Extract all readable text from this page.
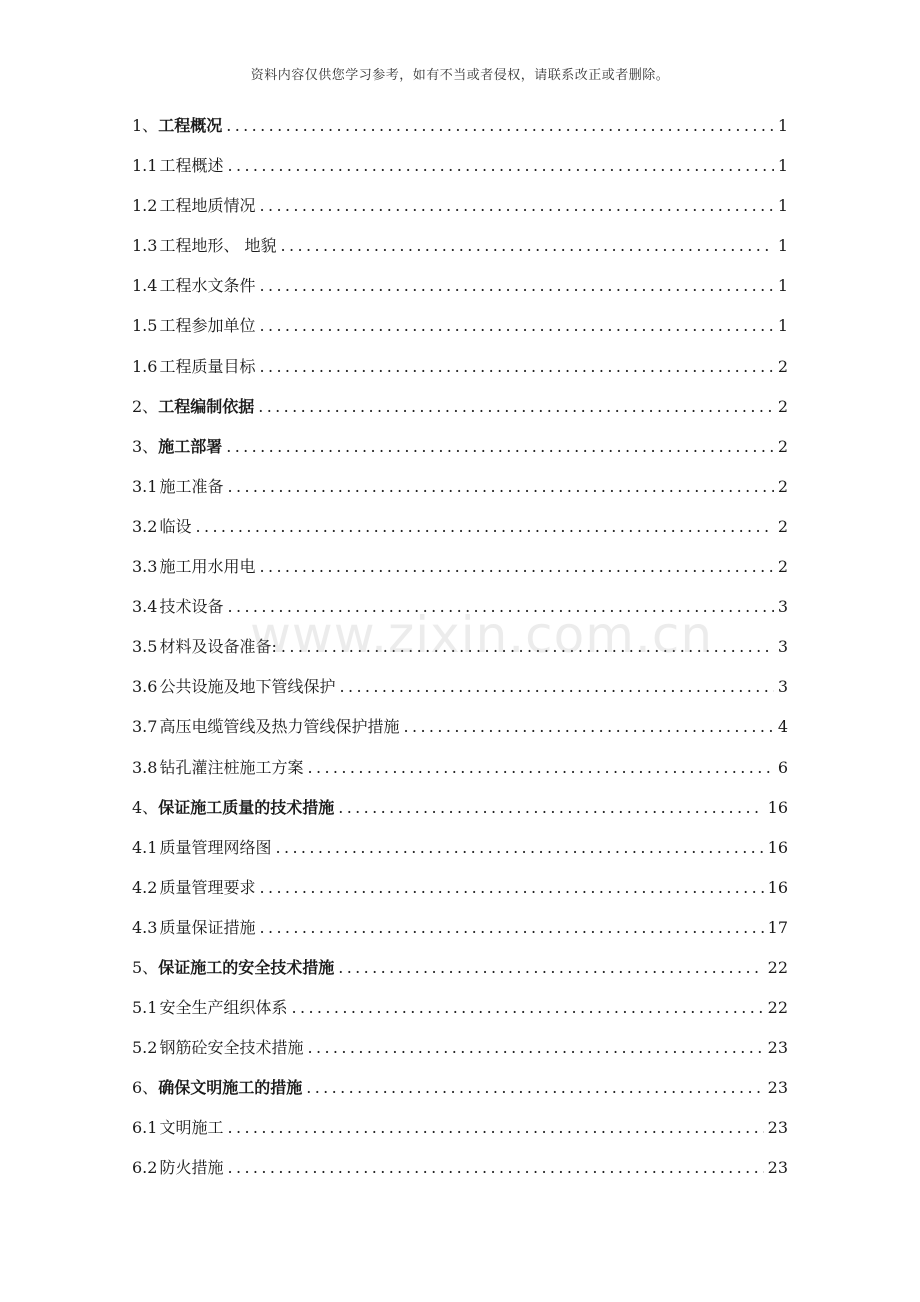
资料内容仅供您学习参考，如有不当或者侵权，请联系改正或者删除。
1、 工程概况 .....	1
1.1 工程概述 .....	1
1.2 工程地质情况 .....	1
1.3 工程地形、 地貌 .....	1
1.4 工程水文条件 .....	1
1.5 工程参加单位 .....	1
1.6 工程质量目标 .....	2
2、 工程编制依据 .....	2
3、 施工部署 .....	2
3.1 施工准备 .....	2
3.2 临设 .....	2
3.3 施工用水用电 .....	2
3.4 技术设备 .....	3
3.5 材料及设备准备: .....	3
3.6 公共设施及地下管线保护 .....	3
3.7 高压电缆管线及热力管线保护措施 .....	4
3.8 钻孔灌注桩施工方案 .....	6
4、 保证施工质量的技术措施 .....	16
4.1 质量管理网络图 .....	16
4.2 质量管理要求 .....	16
4.3 质量保证措施 .....	17
5、 保证施工的安全技术措施 .....	22
5.1 安全生产组织体系 .....	22
5.2 钢筋砼安全技术措施 .....	23
6、 确保文明施工的措施 .....	23
6.1 文明施工 .....	23
6.2 防火措施 .....	23
www.zixin.com.cn
